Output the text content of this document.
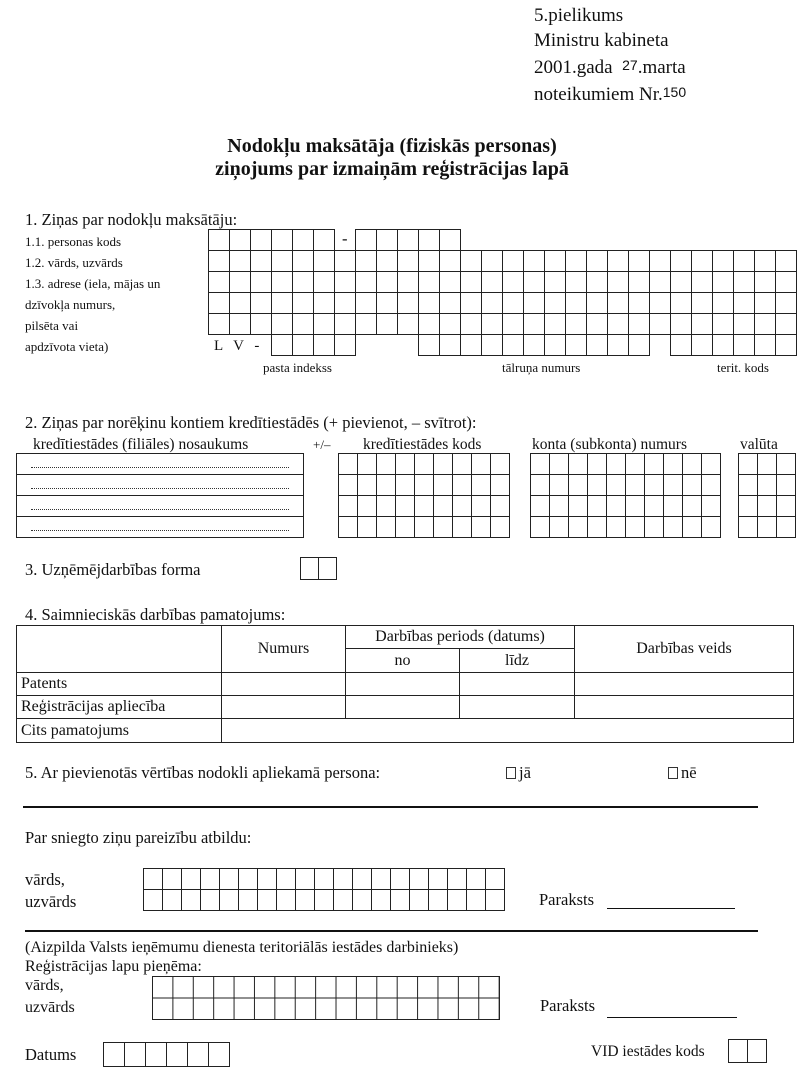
5.pielikums
Ministru kabineta
2001.gada 27.marta
noteikumiem Nr.150
Nodokļu maksātāja (fiziskās personas)
ziņojums par izmaiņām reģistrācijas lapā
1. Ziņas par nodokļu maksātāju:
1.1. personas kods
1.2. vārds, uzvārds
1.3. adrese (iela, mājas un
dzīvokļa numurs,
pilsēta vai
apdzīvota vieta)
-
L V -
pasta indekss	tālruņa numurs	terit. kods
2. Ziņas par norēķinu kontiem kredītiestādēs (+ pievienot, – svītrot):
kredītiestādes (filiāles) nosaukums	+/– kredītiestādes kods	konta (subkonta) numurs	valūta
3. Uzņēmējdarbības forma
4. Saimnieciskās darbības pamatojums:
	Numurs	Darbības periods (datums)		Darbības veids
		no	līdz	
Patents				
Reģistrācijas apliecība				
Cits pamatojums				
5. Ar pievienotās vērtības nodokli apliekamā persona:	jā	nē
Par sniegto ziņu pareizību atbildu:
vārds,
uzvārds	Paraksts
(Aizpilda Valsts ieņēmumu dienesta teritoriālās iestādes darbinieks)
Reģistrācijas lapu pieņēma:
vārds,
uzvārds	Paraksts
Datums	VID iestādes kods
